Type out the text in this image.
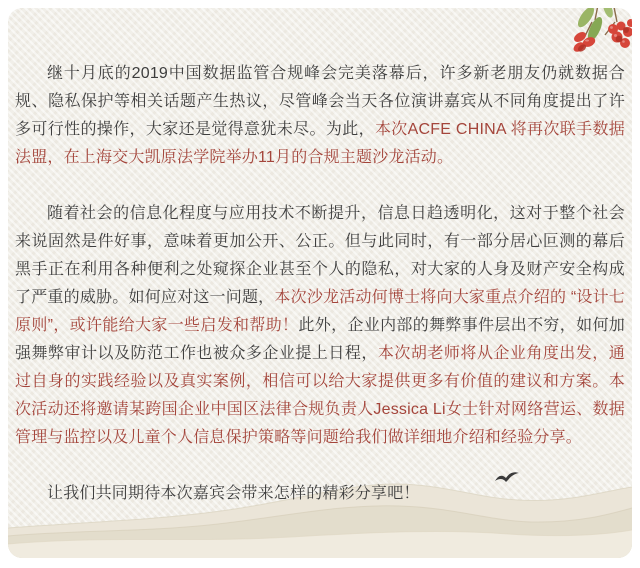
继十月底的2019中国数据监管合规峰会完美落幕后，许多新老朋友仍就数据合规、隐私保护等相关话题产生热议，尽管峰会当天各位演讲嘉宾从不同角度提出了许多可行性的操作，大家还是觉得意犹未尽。为此，本次ACFE CHINA 将再次联手数据法盟，在上海交大凯原法学院举办11月的合规主题沙龙活动。

随着社会的信息化程度与应用技术不断提升，信息日趋透明化，这对于整个社会来说固然是件好事，意味着更加公开、公正。但与此同时，有一部分居心叵测的幕后黑手正在利用各种便利之处窥探企业甚至个人的隐私，对大家的人身及财产安全构成了严重的威胁。如何应对这一问题，本次沙龙活动何博士将向大家重点介绍的 “设计七原则”，或许能给大家一些启发和帮助！此外，企业内部的舞弊事件层出不穷，如何加强舞弊审计以及防范工作也被众多企业提上日程，本次胡老师将从企业角度出发，通过自身的实践经验以及真实案例，相信可以给大家提供更多有价值的建议和方案。本次活动还将邀请某跨国企业中国区法律合规负责人Jessica Li女士针对网络营运、数据管理与监控以及儿童个人信息保护策略等问题给我们做详细地介绍和经验分享。

让我们共同期待本次嘉宾会带来怎样的精彩分享吧！
